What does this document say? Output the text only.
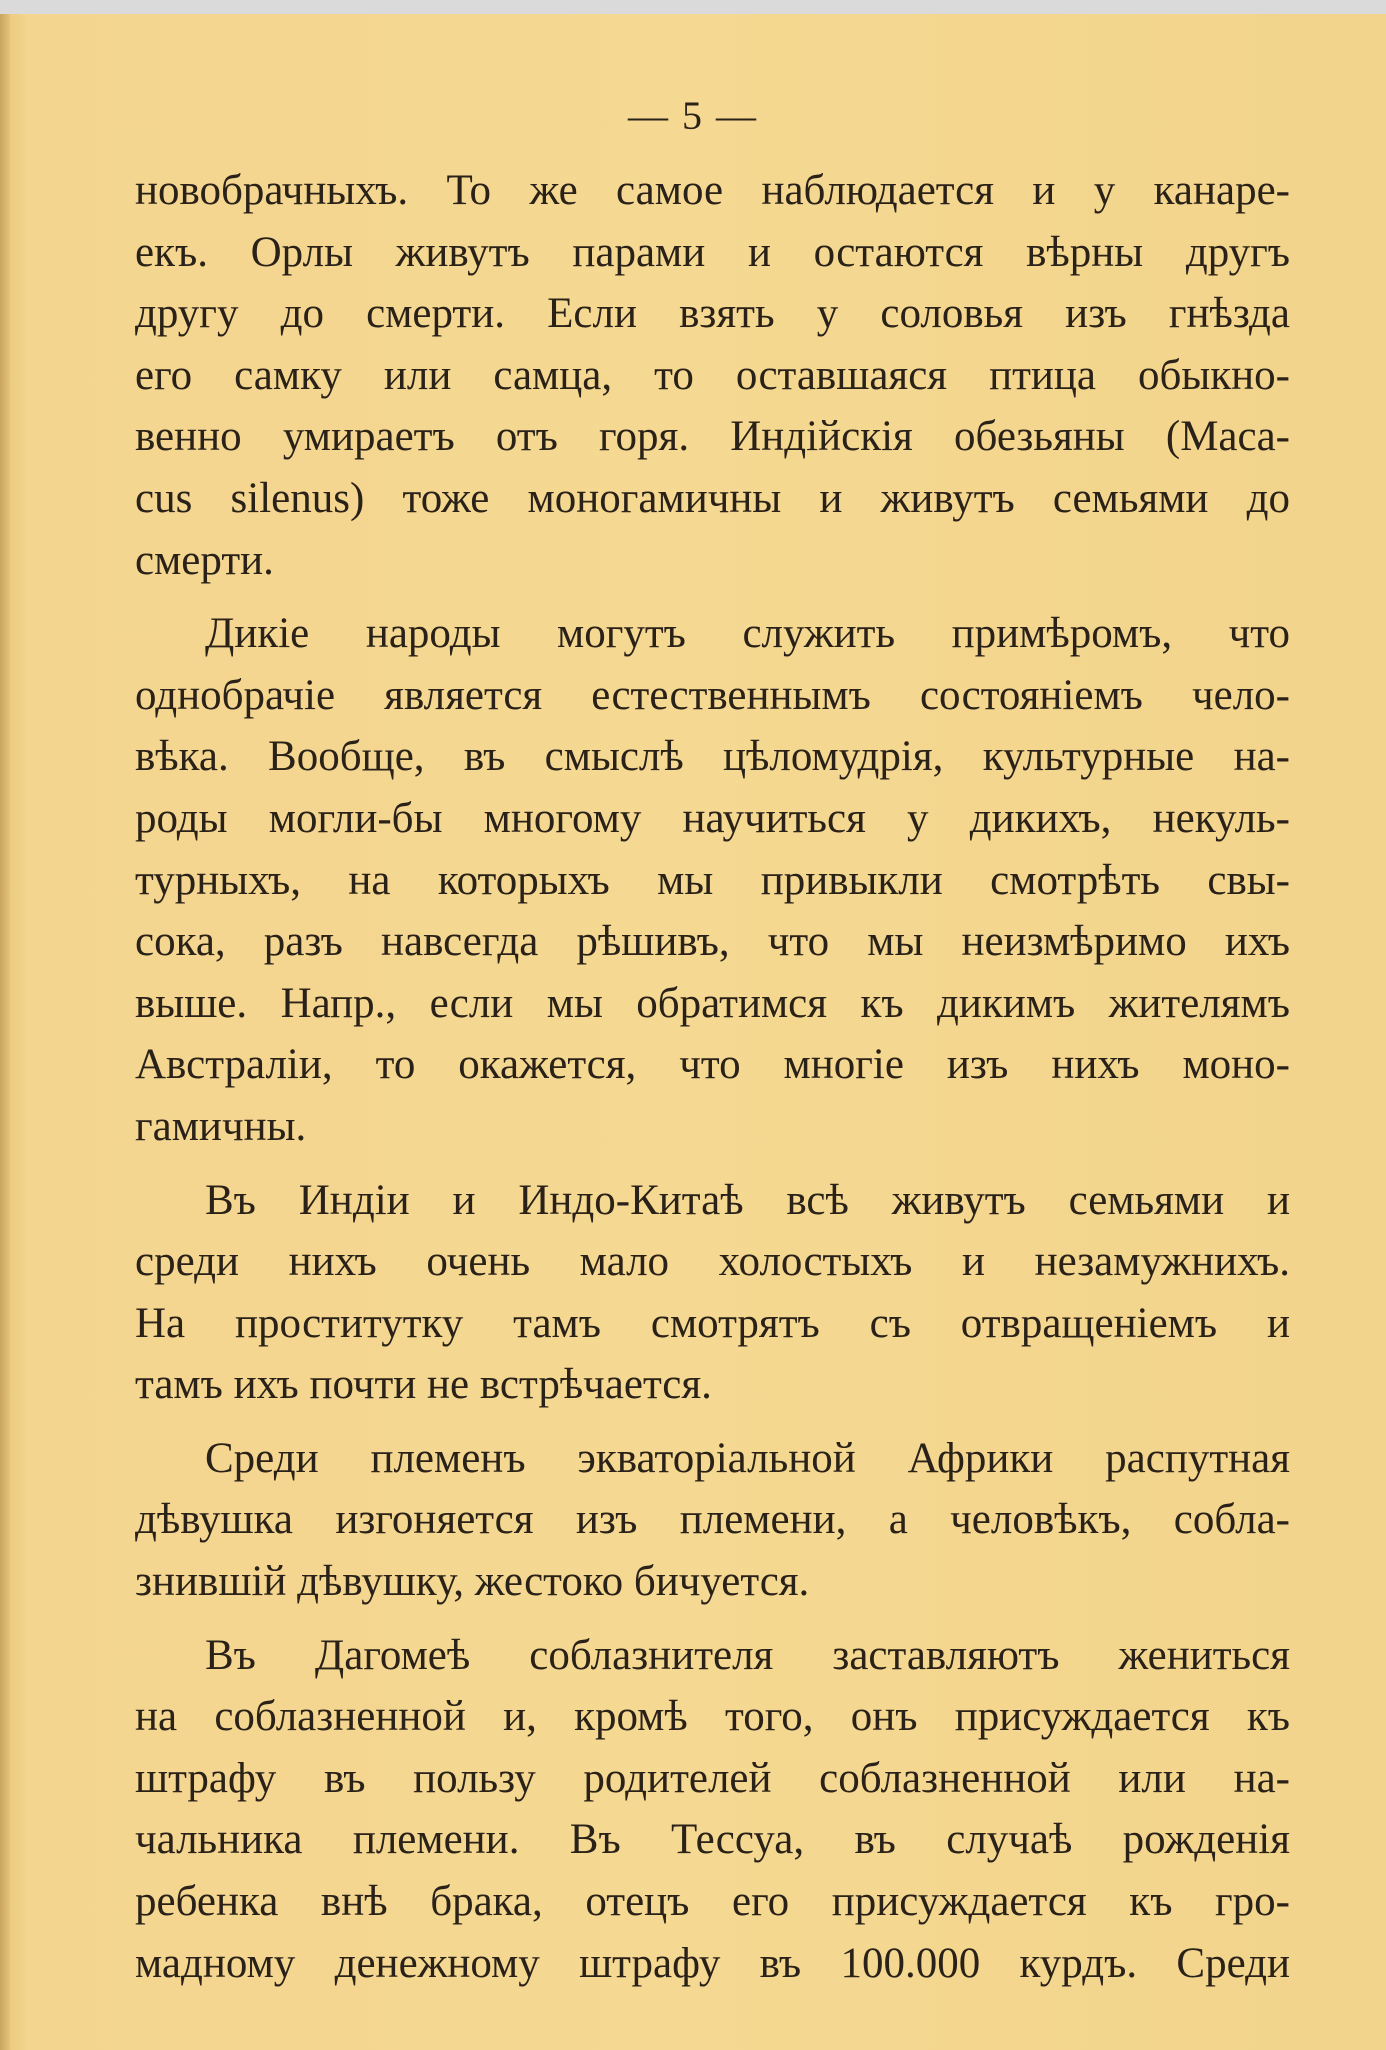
— 5 —
новобрачныхъ. То же самое наблюдается и у канаре-
екъ. Орлы живутъ парами и остаются вѣрны другъ
другу до смерти. Если взять у соловья изъ гнѣзда
его самку или самца, то оставшаяся птица обыкно-
венно умираетъ отъ горя. Индійскія обезьяны (Maca-
cus silenus) тоже моногамичны и живутъ семьями до
смерти.
Дикіе народы могутъ служить примѣромъ, что
однобрачіе является естественнымъ состояніемъ чело-
вѣка. Вообще, въ смыслѣ цѣломудрія, культурные на-
роды могли-бы многому научиться у дикихъ, некуль-
турныхъ, на которыхъ мы привыкли смотрѣть свы-
сока, разъ навсегда рѣшивъ, что мы неизмѣримо ихъ
выше. Напр., если мы обратимся къ дикимъ жителямъ
Австраліи, то окажется, что многіе изъ нихъ моно-
гамичны.
Въ Индіи и Индо-Китаѣ всѣ живутъ семьями и
среди нихъ очень мало холостыхъ и незамужнихъ.
На проститутку тамъ смотрятъ съ отвращеніемъ и
тамъ ихъ почти не встрѣчается.
Среди племенъ экваторіальной Африки распутная
дѣвушка изгоняется изъ племени, а человѣкъ, собла-
знившій дѣвушку, жестоко бичуется.
Въ Дагомеѣ соблазнителя заставляютъ жениться
на соблазненной и, кромѣ того, онъ присуждается къ
штрафу въ пользу родителей соблазненной или на-
чальника племени. Въ Тессуа, въ случаѣ рожденія
ребенка внѣ брака, отецъ его присуждается къ гро-
мадному денежному штрафу въ 100.000 курдъ. Среди
